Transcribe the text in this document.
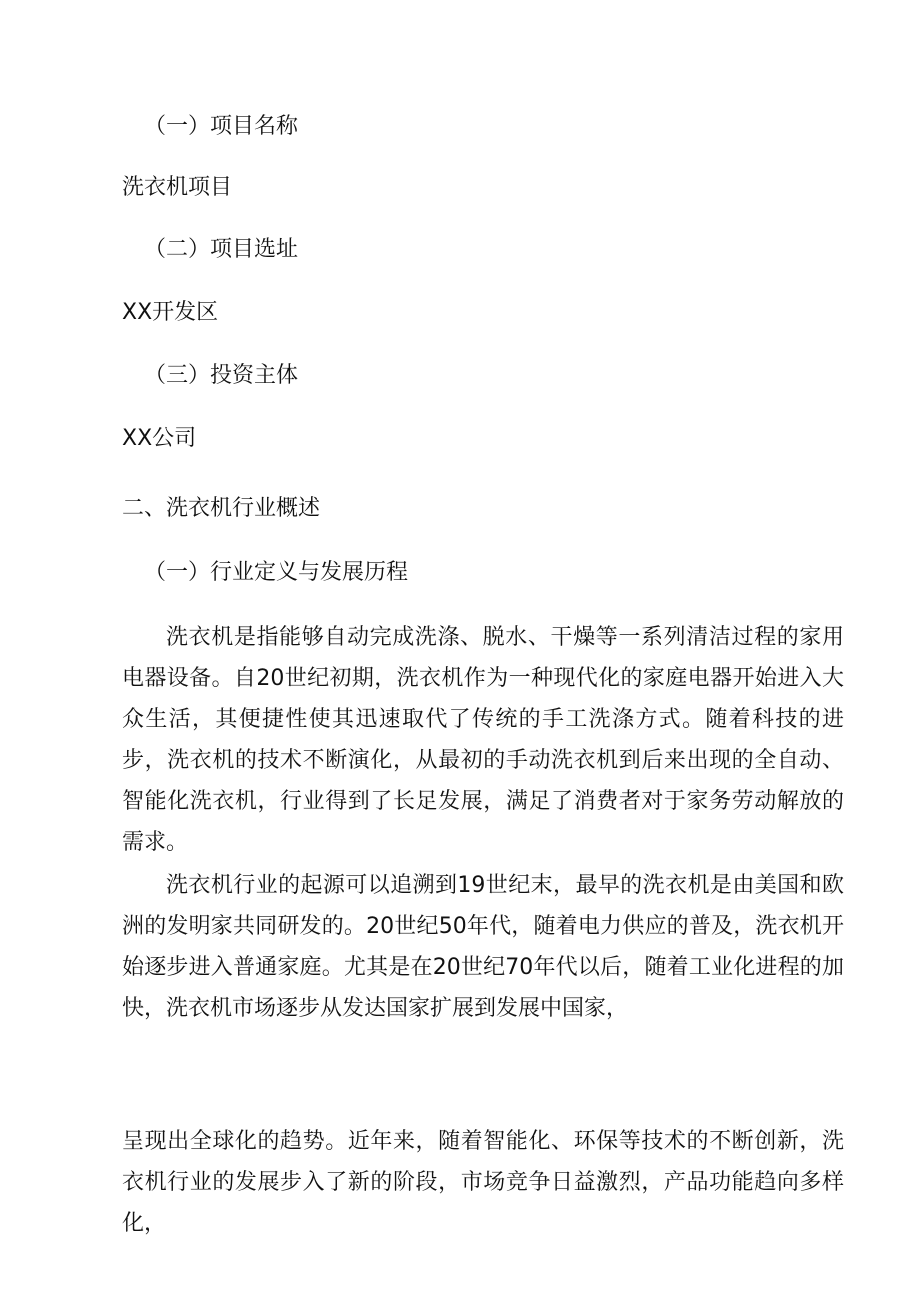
（一）项目名称

洗衣机项目

（二）项目选址

XX开发区

（三）投资主体

XX公司

二、洗衣机行业概述

（一）行业定义与发展历程

洗衣机是指能够自动完成洗涤、脱水、干燥等一系列清洁过程的家用电器设备。自20世纪初期，洗衣机作为一种现代化的家庭电器开始进入大众生活，其便捷性使其迅速取代了传统的手工洗涤方式。随着科技的进步，洗衣机的技术不断演化，从最初的手动洗衣机到后来出现的全自动、智能化洗衣机，行业得到了长足发展，满足了消费者对于家务劳动解放的需求。

洗衣机行业的起源可以追溯到19世纪末，最早的洗衣机是由美国和欧洲的发明家共同研发的。20世纪50年代，随着电力供应的普及，洗衣机开始逐步进入普通家庭。尤其是在20世纪70年代以后，随着工业化进程的加快，洗衣机市场逐步从发达国家扩展到发展中国家，

呈现出全球化的趋势。近年来，随着智能化、环保等技术的不断创新，洗衣机行业的发展步入了新的阶段，市场竞争日益激烈，产品功能趋向多样化，
